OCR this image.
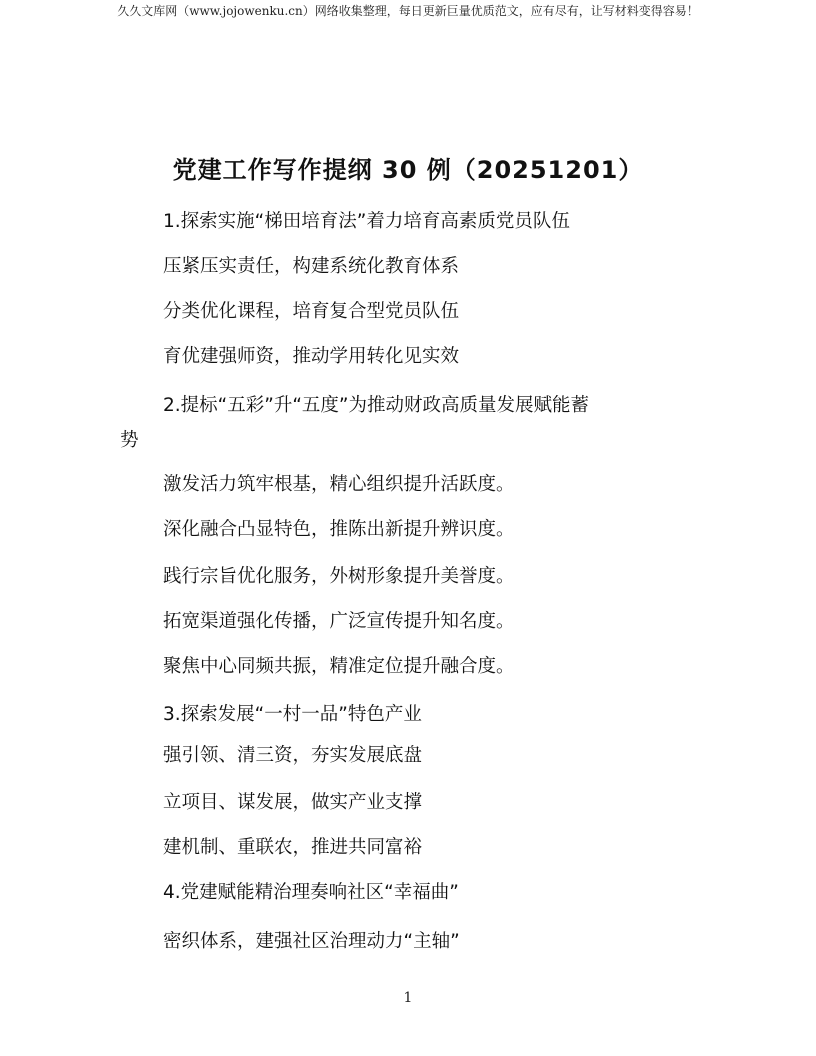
久久文库网（www.jojowenku.cn）网络收集整理，每日更新巨量优质范文，应有尽有，让写材料变得容易！
党建工作写作提纲 30 例（20251201）
1.探索实施“梯田培育法”着力培育高素质党员队伍
压紧压实责任，构建系统化教育体系
分类优化课程，培育复合型党员队伍
育优建强师资，推动学用转化见实效
2.提标“五彩”升“五度”为推动财政高质量发展赋能蓄
势
激发活力筑牢根基，精心组织提升活跃度。
深化融合凸显特色，推陈出新提升辨识度。
践行宗旨优化服务，外树形象提升美誉度。
拓宽渠道强化传播，广泛宣传提升知名度。
聚焦中心同频共振，精准定位提升融合度。
3.探索发展“一村一品”特色产业
强引领、清三资，夯实发展底盘
立项目、谋发展，做实产业支撑
建机制、重联农，推进共同富裕
4.党建赋能精治理奏响社区“幸福曲”
密织体系，建强社区治理动力“主轴”
1
